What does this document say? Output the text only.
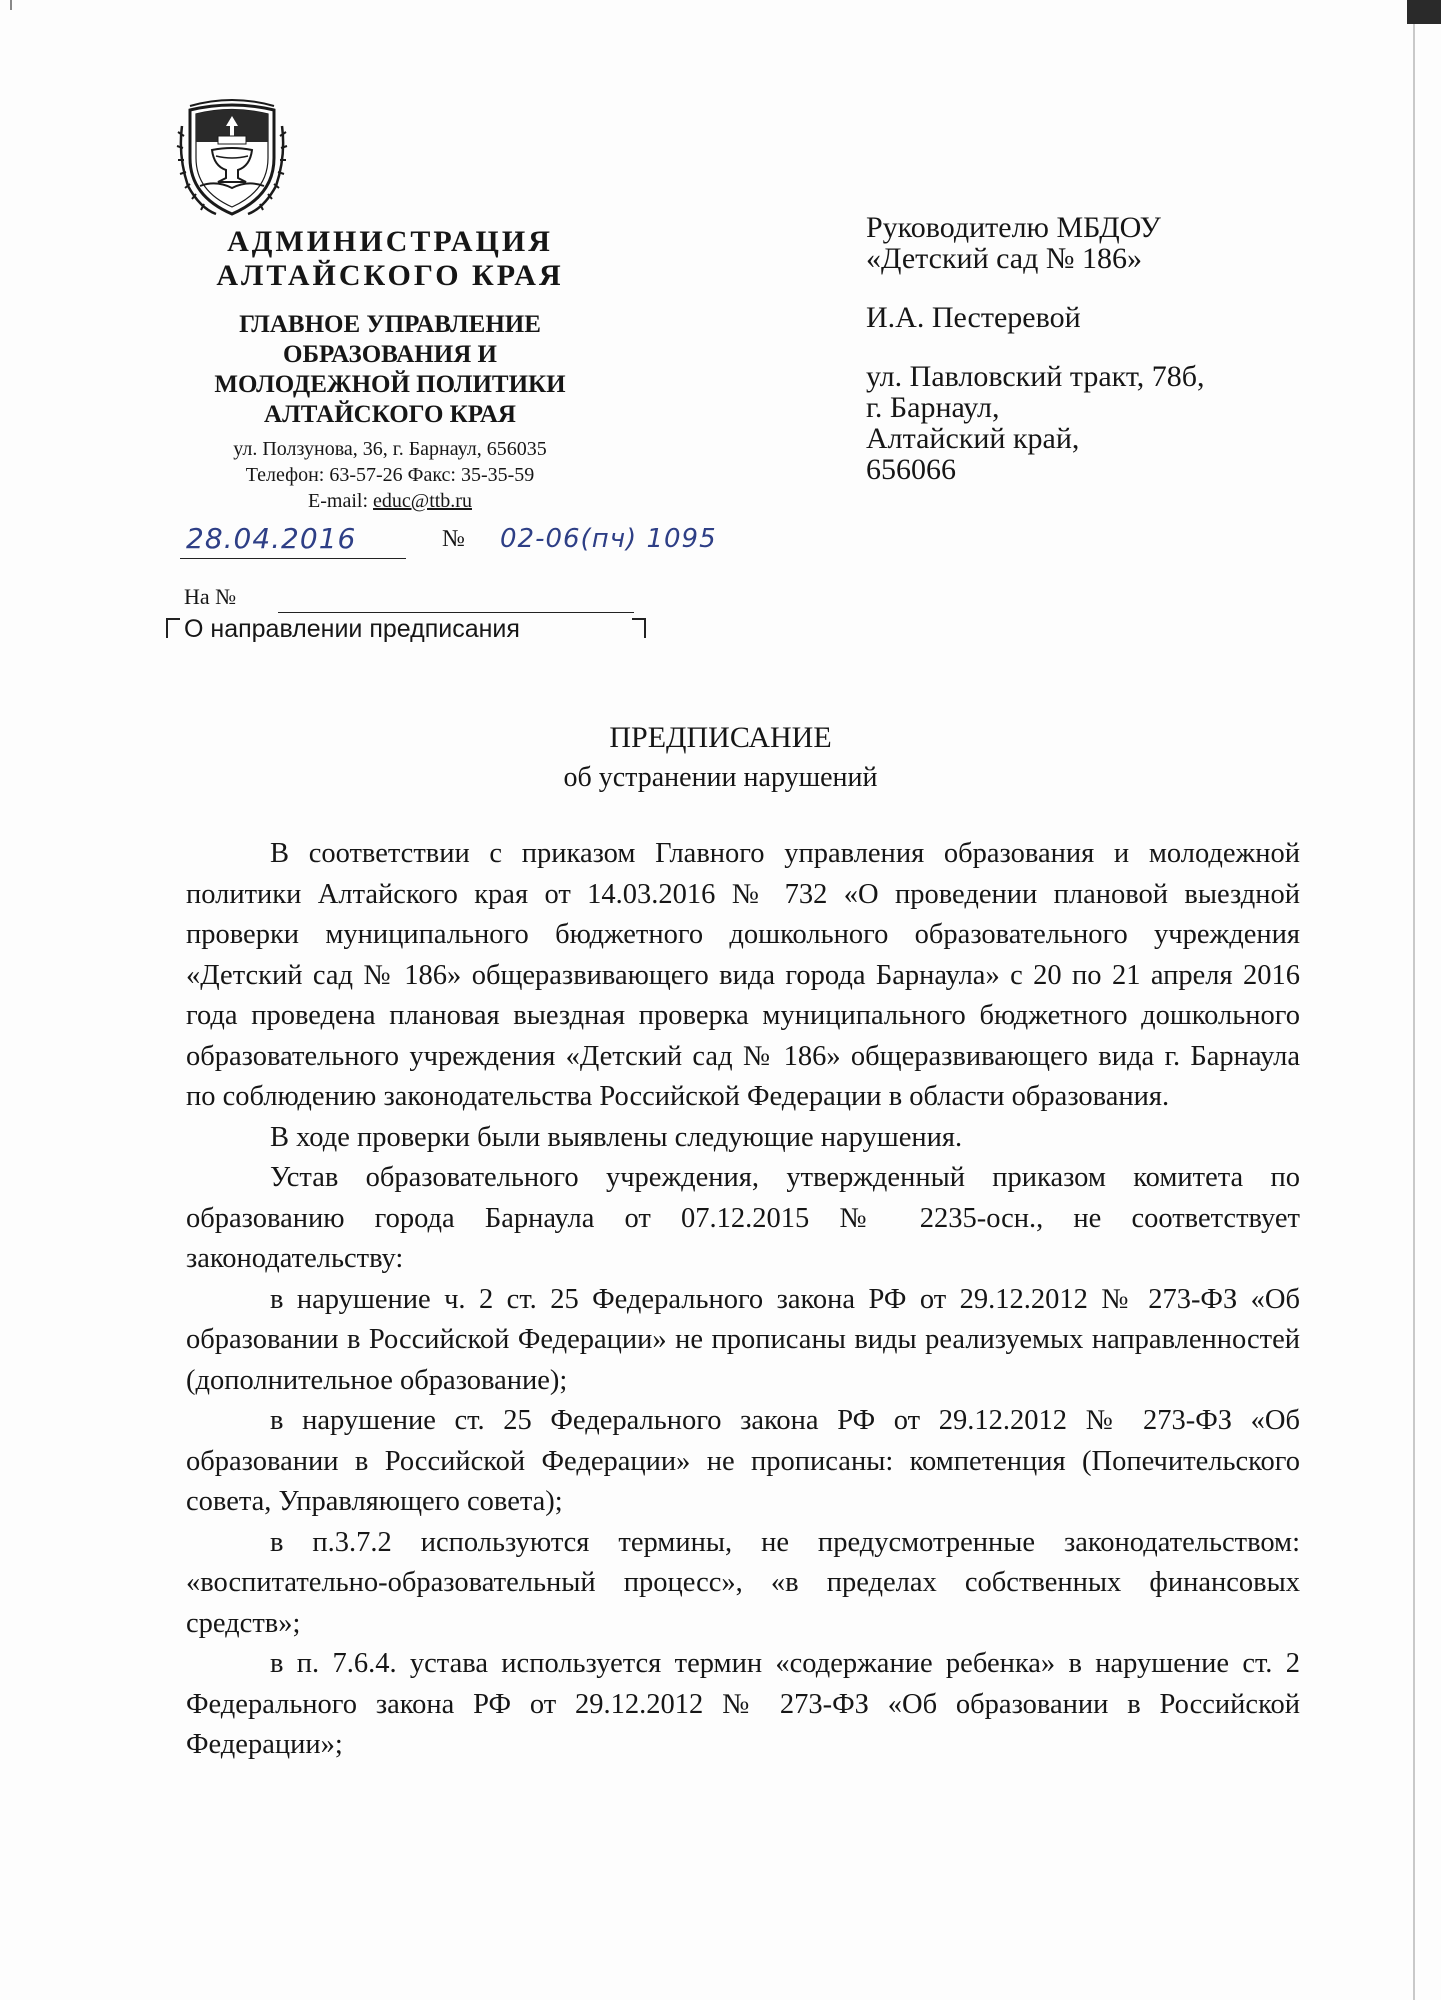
АДМИНИСТРАЦИЯ
АЛТАЙСКОГО КРАЯ
ГЛАВНОЕ УПРАВЛЕНИЕ
ОБРАЗОВАНИЯ И
МОЛОДЕЖНОЙ ПОЛИТИКИ
АЛТАЙСКОГО КРАЯ
ул. Ползунова, 36, г. Барнаул, 656035
Телефон: 63-57-26 Факс: 35-35-59
E-mail: educ@ttb.ru
28.04.2016	№ 02-06(пч) 1095
На №
О направлении предписания
Руководителю МБДОУ
«Детский сад № 186»
И.А. Пестеревой
ул. Павловский тракт, 78б,
г. Барнаул,
Алтайский край,
656066
ПРЕДПИСАНИЕ
об устранении нарушений

В соответствии с приказом Главного управления образования и молодежной политики Алтайского края от 14.03.2016 № 732 «О проведении плановой выездной проверки муниципального бюджетного дошкольного образовательного учреждения «Детский сад № 186» общеразвивающего вида города Барнаула» с 20 по 21 апреля 2016 года проведена плановая выездная проверка муниципального бюджетного дошкольного образовательного учреждения «Детский сад № 186» общеразвивающего вида г. Барнаула по соблюдению законодательства Российской Федерации в области образования.

В ходе проверки были выявлены следующие нарушения.

Устав образовательного учреждения, утвержденный приказом комитета по образованию города Барнаула от 07.12.2015 № 2235-осн., не соответствует законодательству:

в нарушение ч. 2 ст. 25 Федерального закона РФ от 29.12.2012 № 273-ФЗ «Об образовании в Российской Федерации» не прописаны виды реализуемых направленностей (дополнительное образование);

в нарушение ст. 25 Федерального закона РФ от 29.12.2012 № 273-ФЗ «Об образовании в Российской Федерации» не прописаны: компетенция (Попечительского совета, Управляющего совета);

в п.3.7.2 используются термины, не предусмотренные законодательством: «воспитательно-образовательный процесс», «в пределах собственных финансовых средств»;

в п. 7.6.4. устава используется термин «содержание ребенка» в нарушение ст. 2 Федерального закона РФ от 29.12.2012 № 273-ФЗ «Об образовании в Российской Федерации»;
